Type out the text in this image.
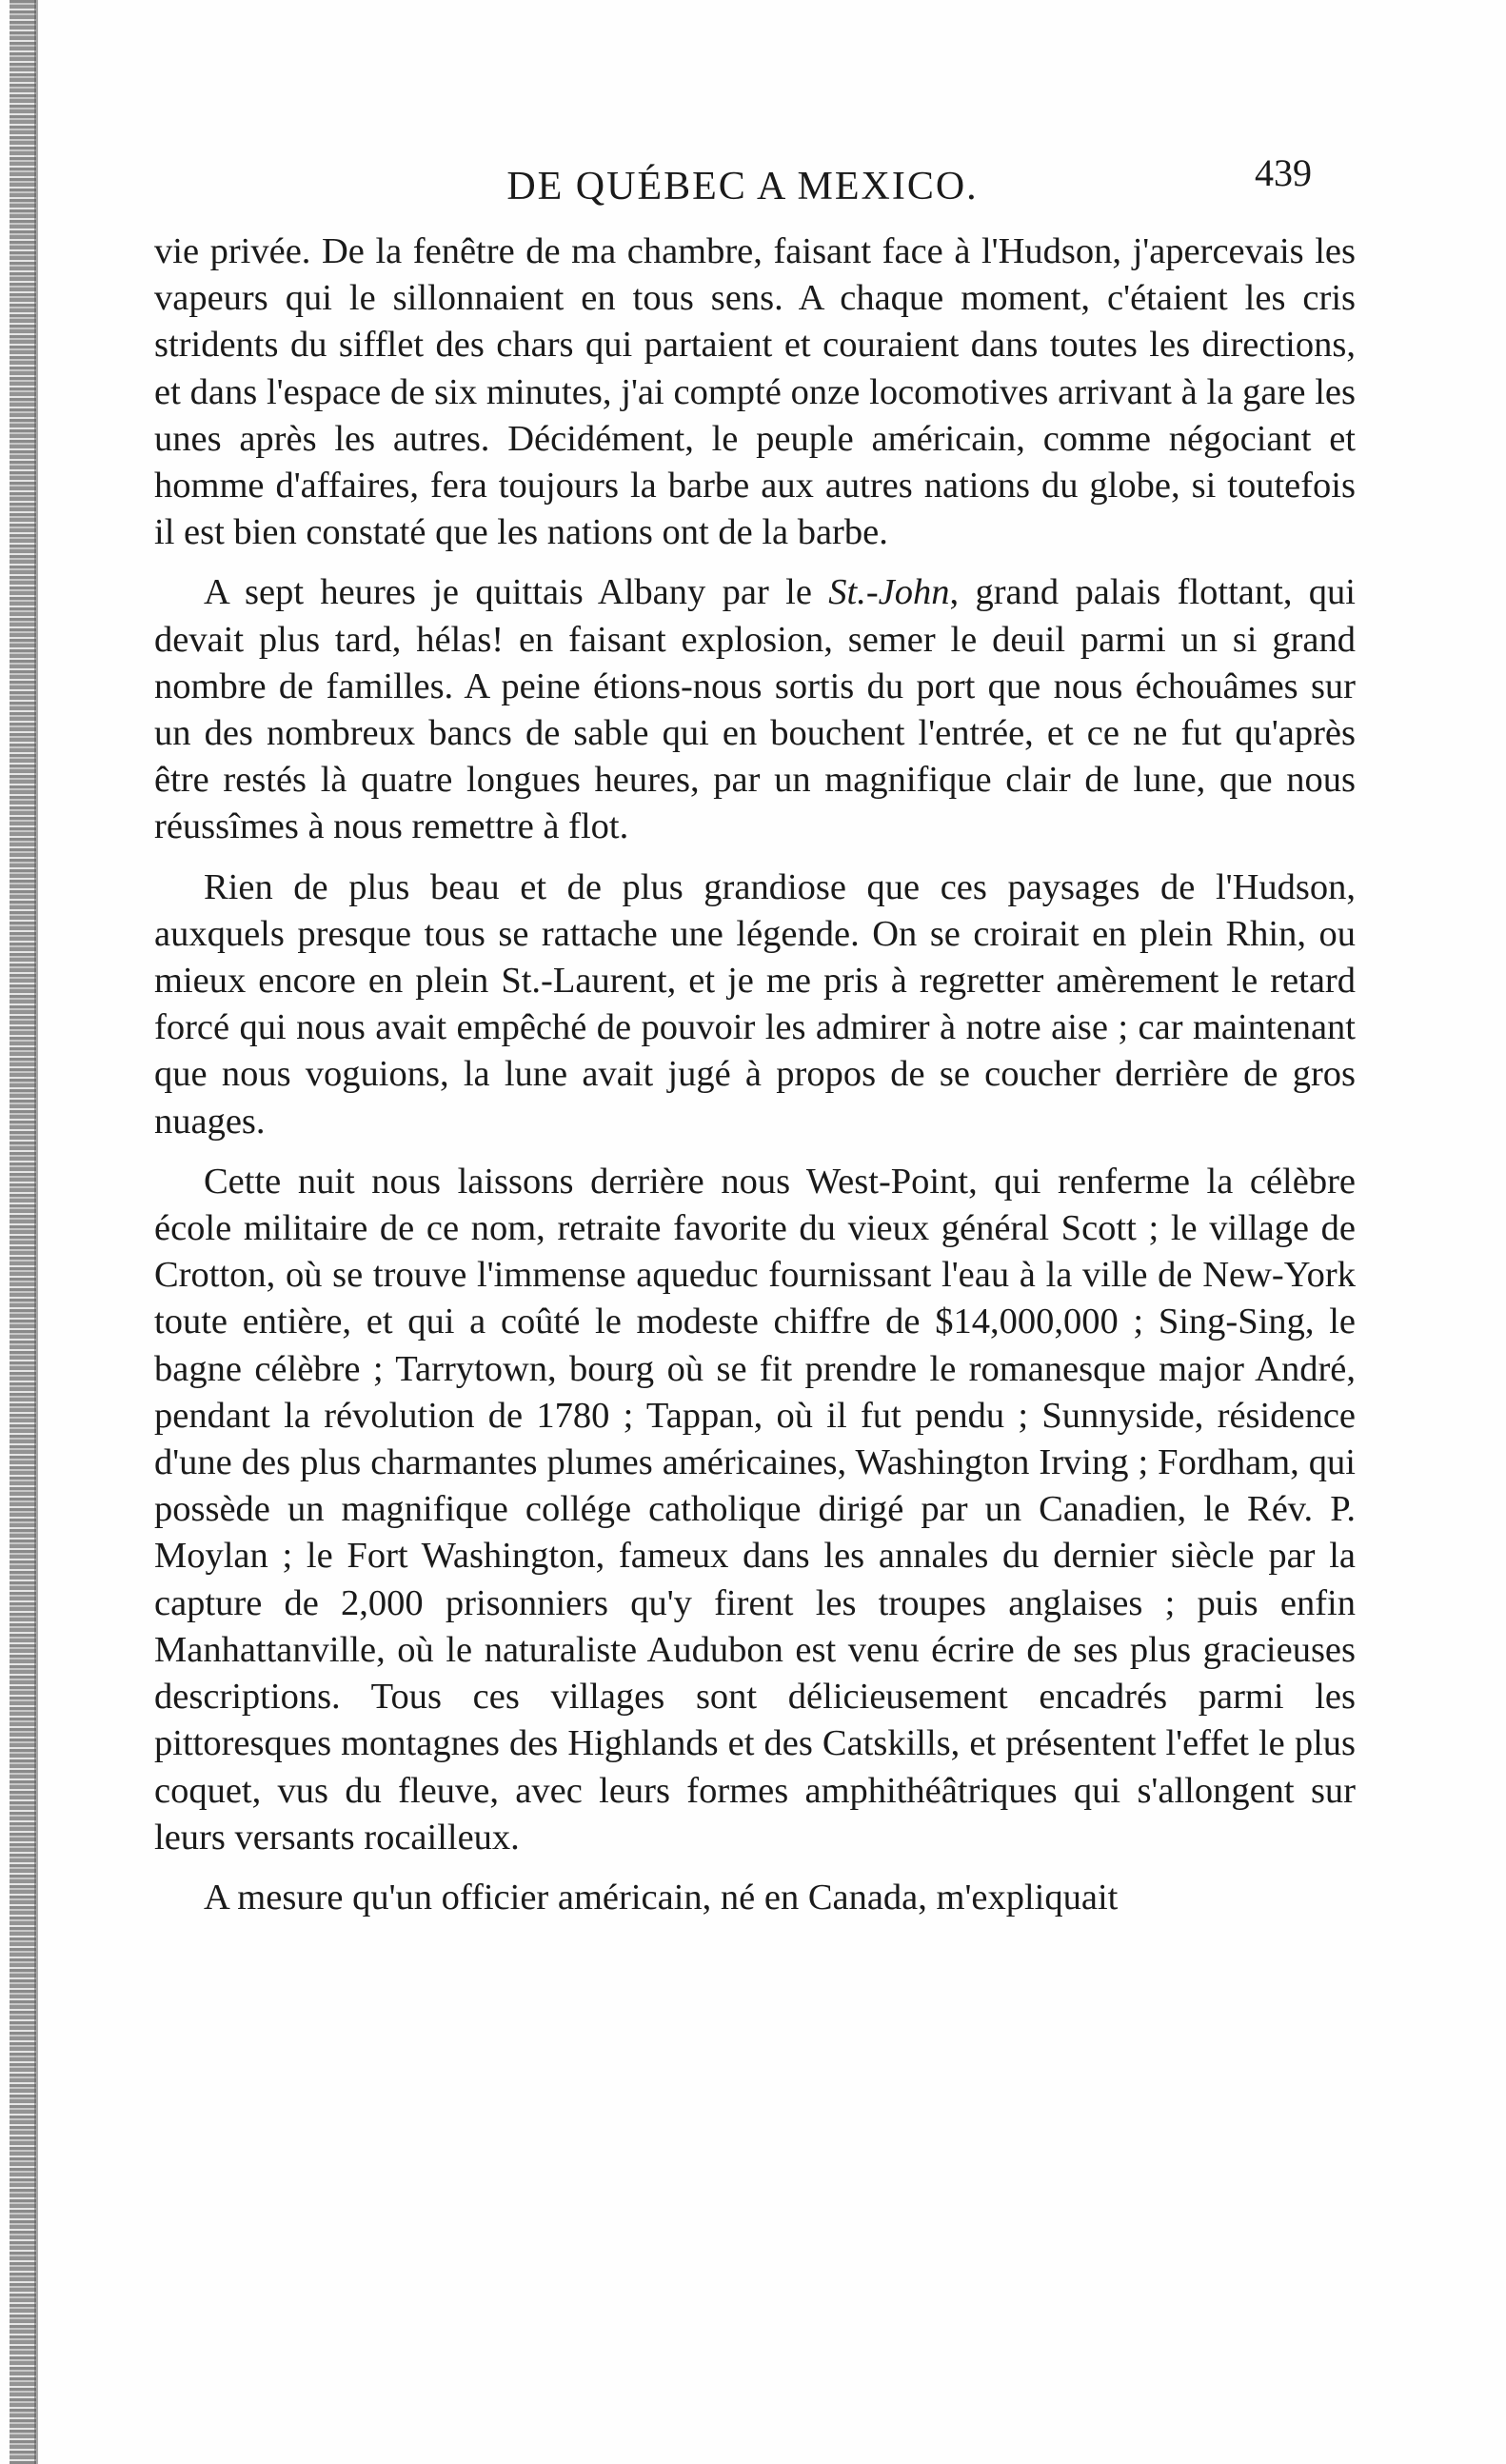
DE QUÉBEC A MEXICO.	439

vie privée. De la fenêtre de ma chambre, faisant face à l'Hudson, j'apercevais les vapeurs qui le sillonnaient en tous sens. A chaque moment, c'étaient les cris stridents du sifflet des chars qui partaient et couraient dans toutes les directions, et dans l'espace de six minutes, j'ai compté onze locomotives arrivant à la gare les unes après les autres. Décidément, le peuple américain, comme négociant et homme d'affaires, fera toujours la barbe aux autres nations du globe, si toutefois il est bien constaté que les nations ont de la barbe.

A sept heures je quittais Albany par le St.-John, grand palais flottant, qui devait plus tard, hélas! en faisant explosion, semer le deuil parmi un si grand nombre de familles. A peine étions-nous sortis du port que nous échouâmes sur un des nombreux bancs de sable qui en bouchent l'entrée, et ce ne fut qu'après être restés là quatre longues heures, par un magnifique clair de lune, que nous réussîmes à nous remettre à flot.

Rien de plus beau et de plus grandiose que ces paysages de l'Hudson, auxquels presque tous se rattache une légende. On se croirait en plein Rhin, ou mieux encore en plein St.-Laurent, et je me pris à regretter amèrement le retard forcé qui nous avait empêché de pouvoir les admirer à notre aise ; car maintenant que nous voguions, la lune avait jugé à propos de se coucher derrière de gros nuages.

Cette nuit nous laissons derrière nous West-Point, qui renferme la célèbre école militaire de ce nom, retraite favorite du vieux général Scott ; le village de Crotton, où se trouve l'immense aqueduc fournissant l'eau à la ville de New-York toute entière, et qui a coûté le modeste chiffre de $14,000,000 ; Sing-Sing, le bagne célèbre ; Tarrytown, bourg où se fit prendre le romanesque major André, pendant la révolution de 1780 ; Tappan, où il fut pendu ; Sunnyside, résidence d'une des plus charmantes plumes américaines, Washington Irving ; Fordham, qui possède un magnifique collége catholique dirigé par un Canadien, le Rév. P. Moylan ; le Fort Washington, fameux dans les annales du dernier siècle par la capture de 2,000 prisonniers qu'y firent les troupes anglaises ; puis enfin Manhattanville, où le naturaliste Audubon est venu écrire de ses plus gracieuses descriptions. Tous ces villages sont délicieusement encadrés parmi les pittoresques montagnes des Highlands et des Catskills, et présentent l'effet le plus coquet, vus du fleuve, avec leurs formes amphithéâtriques qui s'allongent sur leurs versants rocailleux.

A mesure qu'un officier américain, né en Canada, m'expliquait
